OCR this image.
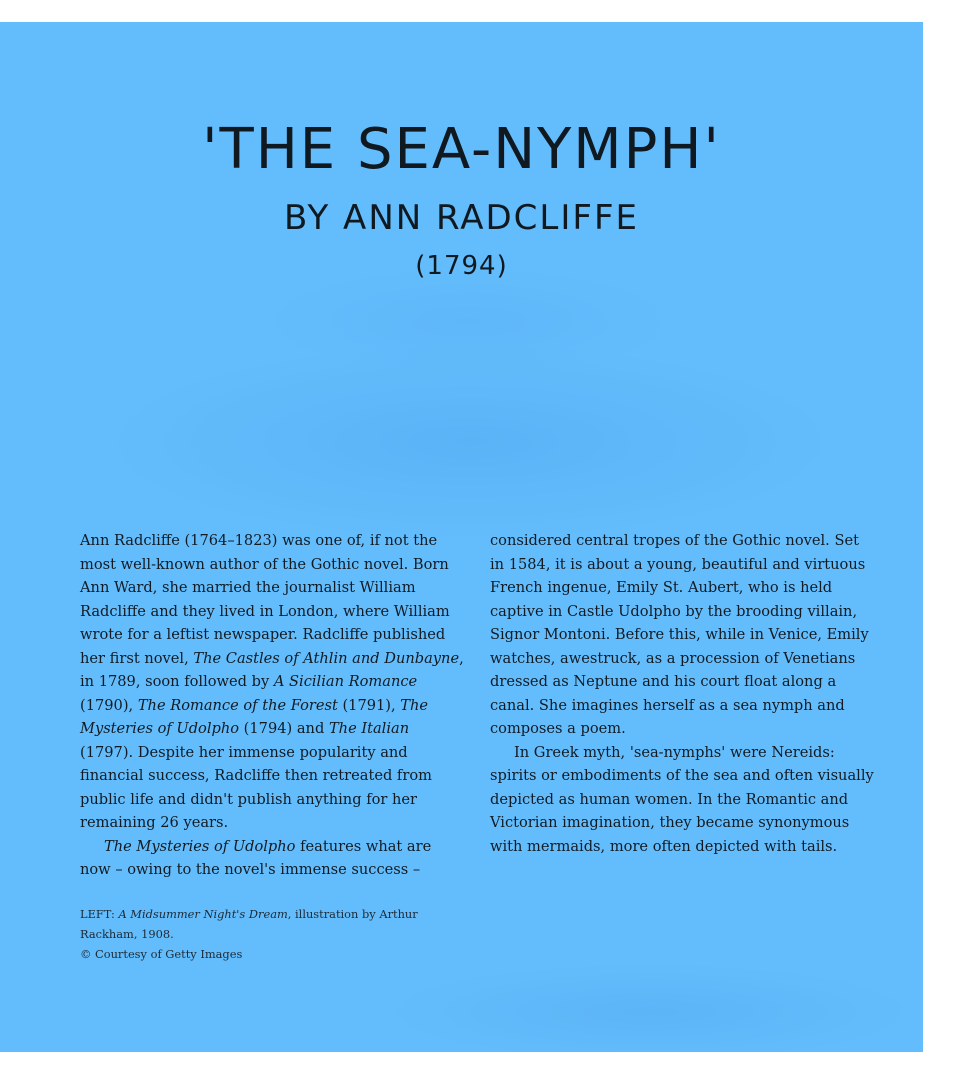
'THE SEA-NYMPH'
BY ANN RADCLIFFE
(1794)

Ann Radcliffe (1764–1823) was one of, if not the most well-known author of the Gothic novel. Born Ann Ward, she married the journalist William Radcliffe and they lived in London, where William wrote for a leftist newspaper. Radcliffe published her first novel, The Castles of Athlin and Dunbayne, in 1789, soon followed by A Sicilian Romance (1790), The Romance of the Forest (1791), The Mysteries of Udolpho (1794) and The Italian (1797). Despite her immense popularity and financial success, Radcliffe then retreated from public life and didn't publish anything for her remaining 26 years.

The Mysteries of Udolpho features what are now – owing to the novel's immense success –

considered central tropes of the Gothic novel. Set in 1584, it is about a young, beautiful and virtuous French ingenue, Emily St. Aubert, who is held captive in Castle Udolpho by the brooding villain, Signor Montoni. Before this, while in Venice, Emily watches, awestruck, as a procession of Venetians dressed as Neptune and his court float along a canal. She imagines herself as a sea nymph and composes a poem.

In Greek myth, 'sea-nymphs' were Nereids: spirits or embodiments of the sea and often visually depicted as human women. In the Romantic and Victorian imagination, they became synonymous with mermaids, more often depicted with tails.

LEFT: A Midsummer Night's Dream, illustration by Arthur Rackham, 1908.

© Courtesy of Getty Images
